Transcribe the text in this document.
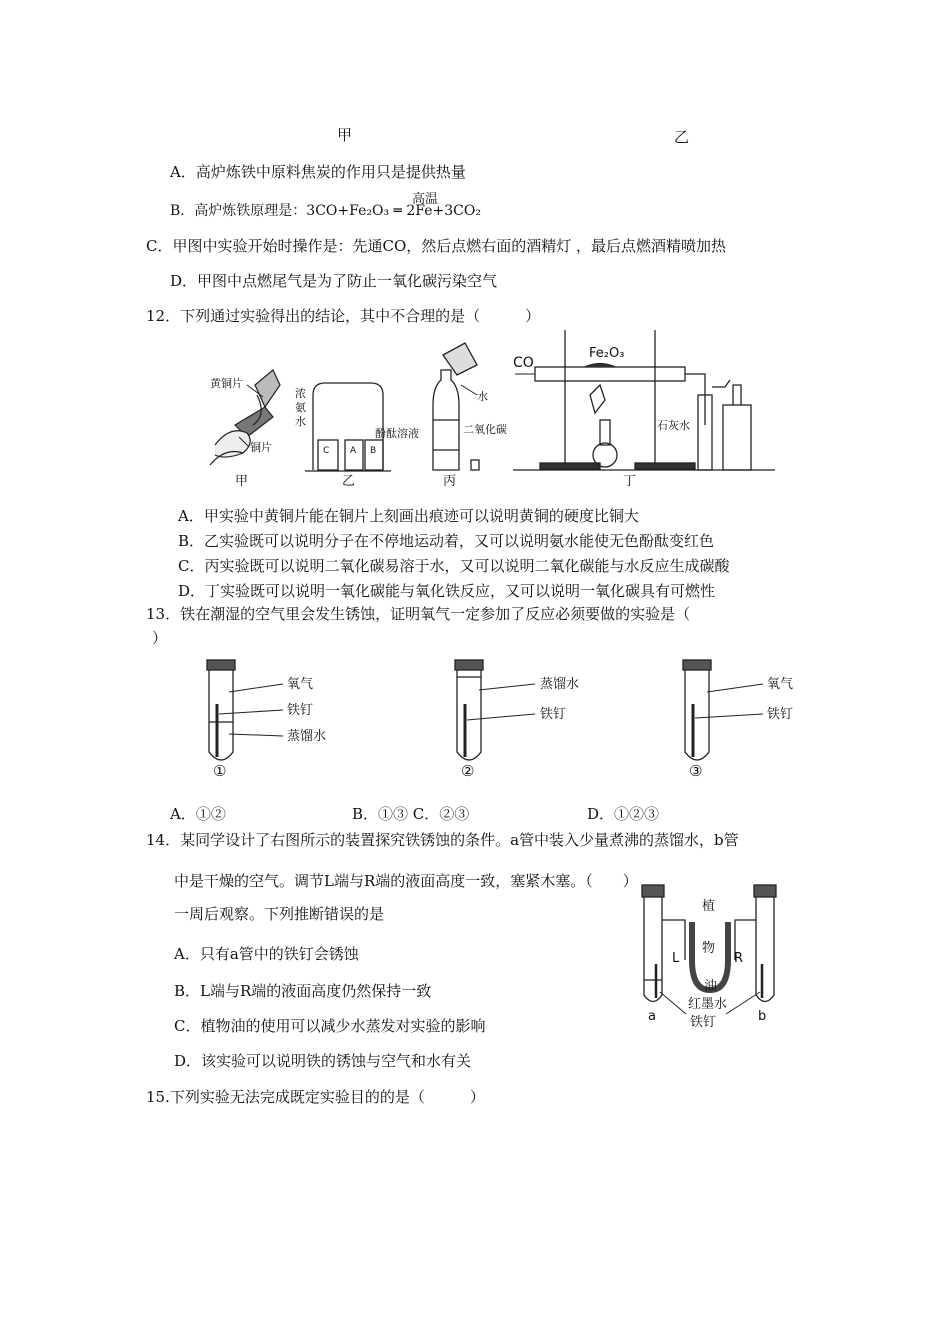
甲	乙
A．高炉炼铁中原料焦炭的作用只是提供热量
高温
B．高炉炼铁原理是：3CO+Fe₂O₃ ═ 2Fe+3CO₂
C．甲图中实验开始时操作是：先通CO，然后点燃右面的酒精灯 ，最后点燃酒精喷加热
D．甲图中点燃尾气是为了防止一氧化碳污染空气
12．下列通过实验得出的结论，其中不合理的是（　　　）
黄铜片
铜片
甲
浓
氨
水
酚酞溶液
C A B
乙
水
二氧化碳
丙
CO
Fe₂O₃
石灰水
丁
A．甲实验中黄铜片能在铜片上刻画出痕迹可以说明黄铜的硬度比铜大
B．乙实验既可以说明分子在不停地运动着，又可以说明氨水能使无色酚酞变红色
C．丙实验既可以说明二氧化碳易溶于水，又可以说明二氧化碳能与水反应生成碳酸
D．丁实验既可以说明一氧化碳能与氧化铁反应，又可以说明一氧化碳具有可燃性
13．铁在潮湿的空气里会发生锈蚀，证明氧气一定参加了反应必须要做的实验是（
）
氧气
铁钉
蒸馏水
①
蒸馏水
铁钉
②
氧气
铁钉
③
A．①②	B．①③ C．②③	D．①②③
14．某同学设计了右图所示的装置探究铁锈蚀的条件。a管中装入少量煮沸的蒸馏水，b管
中是干燥的空气。调节L端与R端的液面高度一致，塞紧木塞。（　　）
一周后观察。下列推断错误的是
A．只有a管中的铁钉会锈蚀
B．L端与R端的液面高度仍然保持一致
C．植物油的使用可以减少水蒸发对实验的影响
D．该实验可以说明铁的锈蚀与空气和水有关
植
物
油
L	R
红墨水
a	铁钉	b
15.下列实验无法完成既定实验目的的是（　　　）
